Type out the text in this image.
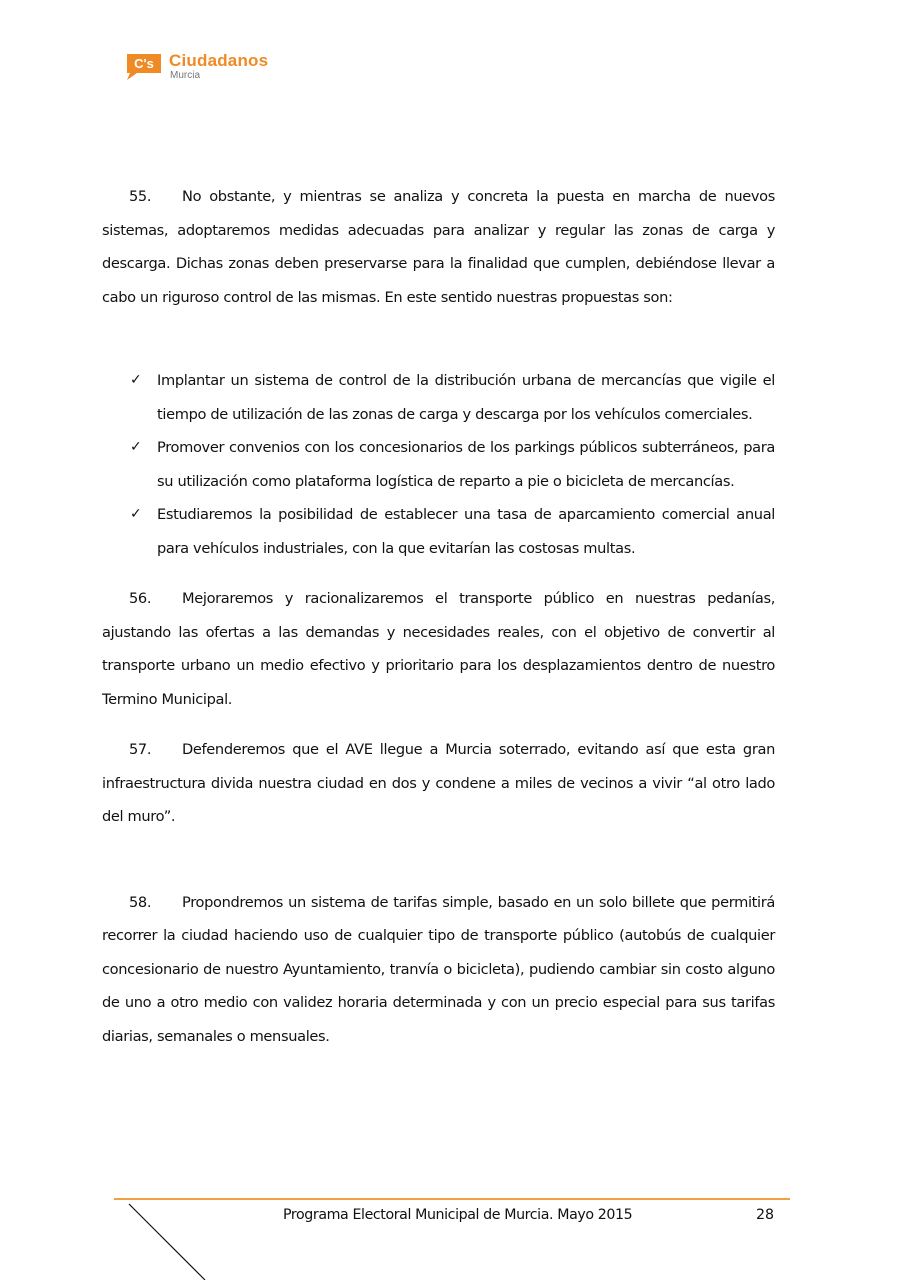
C's Ciudadanos
Murcia

55. No obstante, y mientras se analiza y concreta la puesta en marcha de nuevos sistemas, adoptaremos medidas adecuadas para analizar y regular las zonas de carga y descarga. Dichas zonas deben preservarse para la finalidad que cumplen, debiéndose llevar a cabo un riguroso control de las mismas. En este sentido nuestras propuestas son:

✓ Implantar un sistema de control de la distribución urbana de mercancías que vigile el tiempo de utilización de las zonas de carga y descarga por los vehículos comerciales.
✓ Promover convenios con los concesionarios de los parkings públicos subterráneos, para su utilización como plataforma logística de reparto a pie o bicicleta de mercancías.
✓ Estudiaremos la posibilidad de establecer una tasa de aparcamiento comercial anual para vehículos industriales, con la que evitarían las costosas multas.

56. Mejoraremos y racionalizaremos el transporte público en nuestras pedanías, ajustando las ofertas a las demandas y necesidades reales, con el objetivo de convertir al transporte urbano un medio efectivo y prioritario para los desplazamientos dentro de nuestro Termino Municipal.

57. Defenderemos que el AVE llegue a Murcia soterrado, evitando así que esta gran infraestructura divida nuestra ciudad en dos y condene a miles de vecinos a vivir “al otro lado del muro”.

58. Propondremos un sistema de tarifas simple, basado en un solo billete que permitirá recorrer la ciudad haciendo uso de cualquier tipo de transporte público (autobús de cualquier concesionario de nuestro Ayuntamiento, tranvía o bicicleta), pudiendo cambiar sin costo alguno de uno a otro medio con validez horaria determinada y con un precio especial para sus tarifas diarias, semanales o mensuales.

Programa Electoral Municipal de Murcia. Mayo 2015	28
